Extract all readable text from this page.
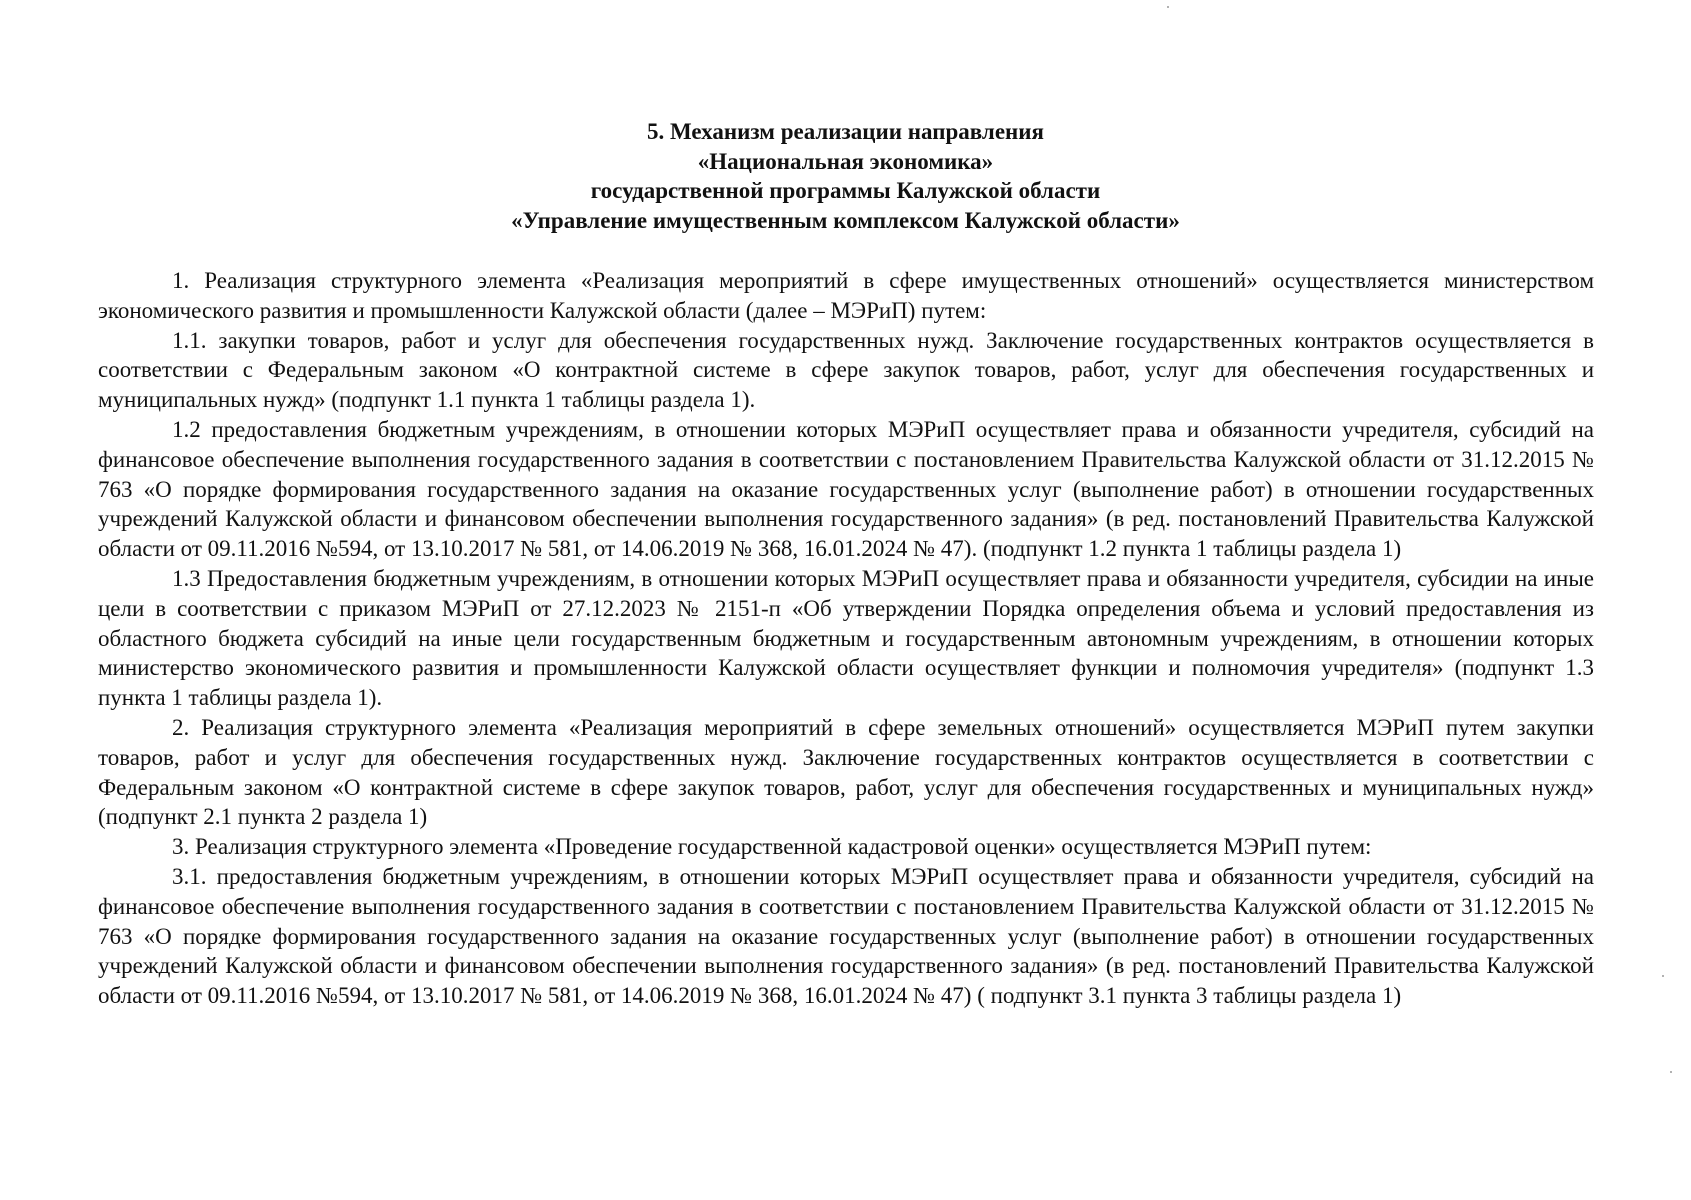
5. Механизм реализации направления
«Национальная экономика»
государственной программы Калужской области
«Управление имущественным комплексом Калужской области»

1. Реализация структурного элемента «Реализация мероприятий в сфере имущественных отношений» осуществляется министерством экономического развития и промышленности Калужской области (далее – МЭРиП) путем:

1.1. закупки товаров, работ и услуг для обеспечения государственных нужд. Заключение государственных контрактов осуществляется в соответствии с Федеральным законом «О контрактной системе в сфере закупок товаров, работ, услуг для обеспечения государственных и муниципальных нужд» (подпункт 1.1 пункта 1 таблицы раздела 1).

1.2 предоставления бюджетным учреждениям, в отношении которых МЭРиП осуществляет права и обязанности учредителя, субсидий на финансовое обеспечение выполнения государственного задания в соответствии с постановлением Правительства Калужской области от 31.12.2015 № 763 «О порядке формирования государственного задания на оказание государственных услуг (выполнение работ) в отношении государственных учреждений Калужской области и финансовом обеспечении выполнения государственного задания» (в ред. постановлений Правительства Калужской области от 09.11.2016 №594, от 13.10.2017 № 581, от 14.06.2019 № 368, 16.01.2024 № 47). (подпункт 1.2 пункта 1 таблицы раздела 1)

1.3 Предоставления бюджетным учреждениям, в отношении которых МЭРиП осуществляет права и обязанности учредителя, субсидии на иные цели в соответствии с приказом МЭРиП от 27.12.2023 № 2151-п «Об утверждении Порядка определения объема и условий предоставления из областного бюджета субсидий на иные цели государственным бюджетным и государственным автономным учреждениям, в отношении которых министерство экономического развития и промышленности Калужской области осуществляет функции и полномочия учредителя» (подпункт 1.3 пункта 1 таблицы раздела 1).

2. Реализация структурного элемента «Реализация мероприятий в сфере земельных отношений» осуществляется МЭРиП путем закупки товаров, работ и услуг для обеспечения государственных нужд. Заключение государственных контрактов осуществляется в соответствии с Федеральным законом «О контрактной системе в сфере закупок товаров, работ, услуг для обеспечения государственных и муниципальных нужд» (подпункт 2.1 пункта 2 раздела 1)

3. Реализация структурного элемента «Проведение государственной кадастровой оценки» осуществляется МЭРиП путем:

3.1. предоставления бюджетным учреждениям, в отношении которых МЭРиП осуществляет права и обязанности учредителя, субсидий на финансовое обеспечение выполнения государственного задания в соответствии с постановлением Правительства Калужской области от 31.12.2015 № 763 «О порядке формирования государственного задания на оказание государственных услуг (выполнение работ) в отношении государственных учреждений Калужской области и финансовом обеспечении выполнения государственного задания» (в ред. постановлений Правительства Калужской области от 09.11.2016 №594, от 13.10.2017 № 581, от 14.06.2019 № 368, 16.01.2024 № 47) ( подпункт 3.1 пункта 3 таблицы раздела 1)
